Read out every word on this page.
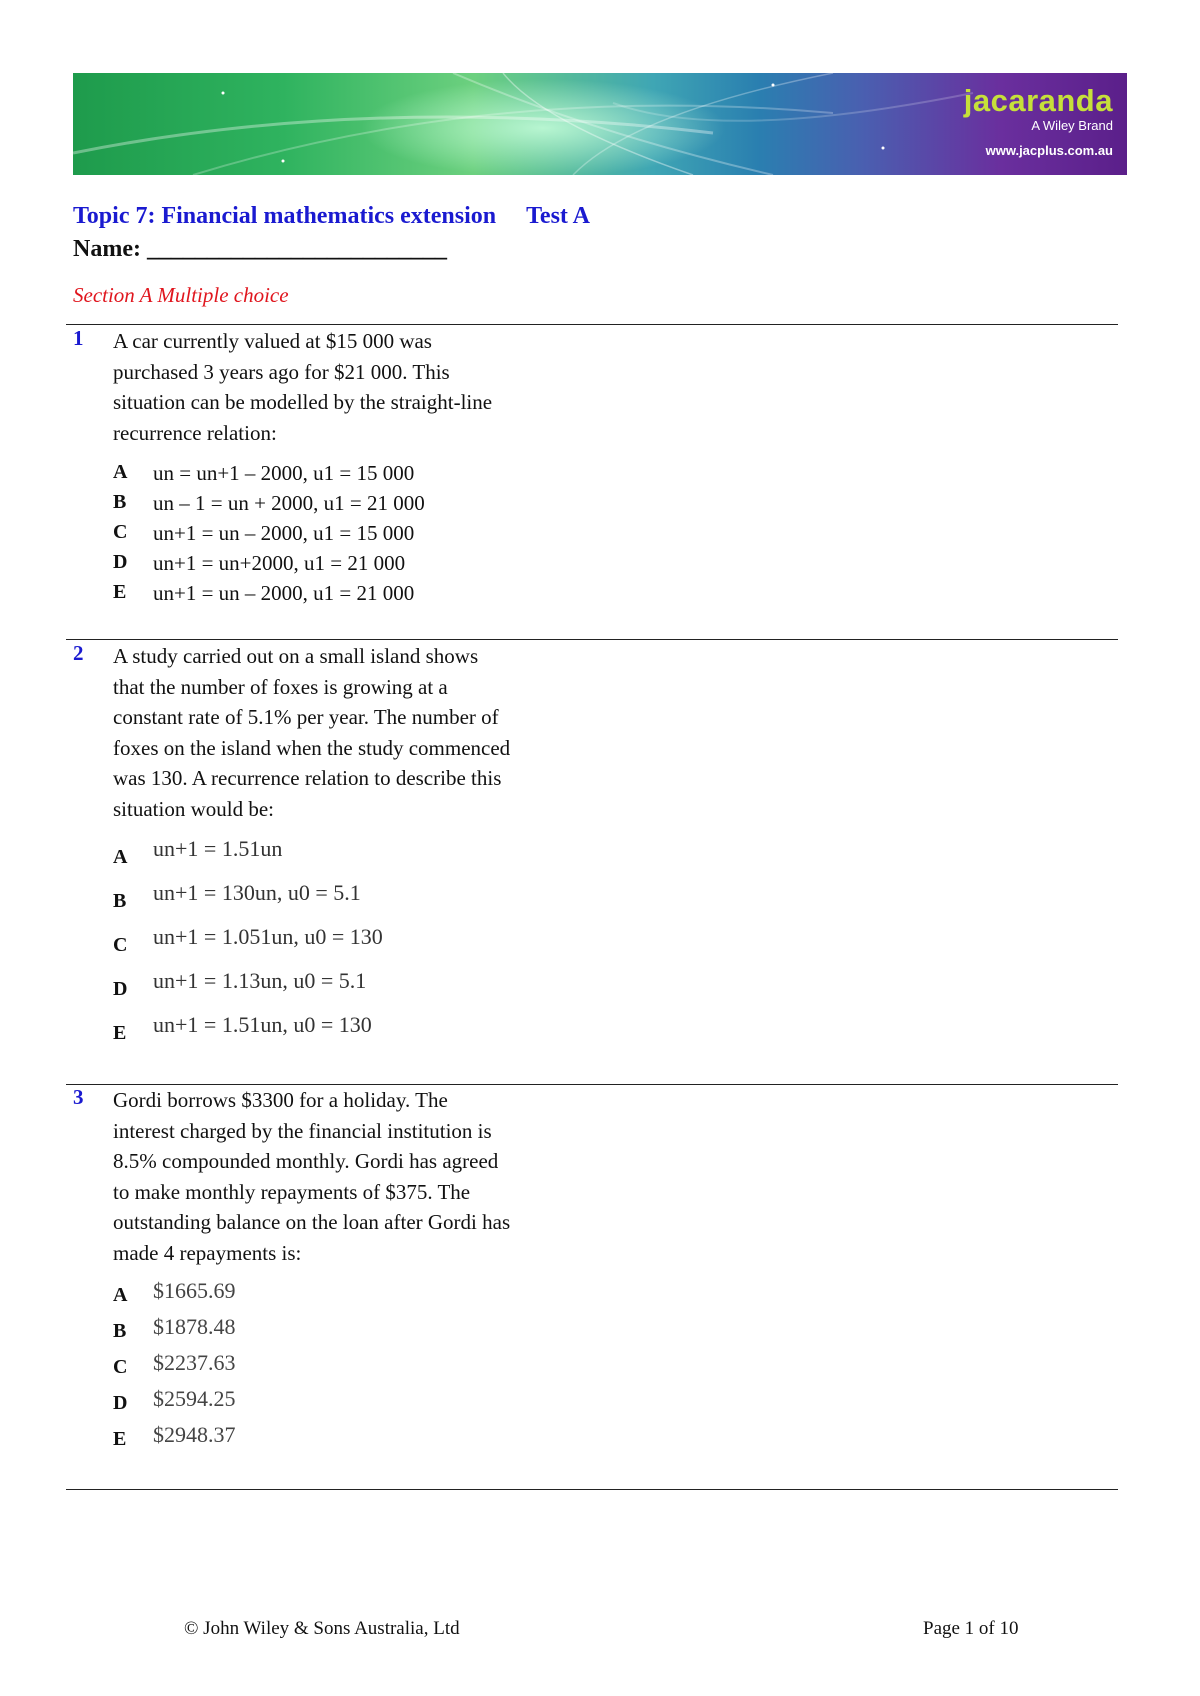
jacaranda
A Wiley Brand
www.jacplus.com.au
Topic 7: Financial mathematics extension Test A
Name: _________________________
Section A Multiple choice
1 A car currently valued at $15 000 was
purchased 3 years ago for $21 000. This
situation can be modelled by the straight-line
recurrence relation:
A un = un+1 – 2000, u1 = 15 000
B un – 1 = un + 2000, u1 = 21 000
C un+1 = un – 2000, u1 = 15 000
D un+1 = un+2000, u1 = 21 000
E un+1 = un – 2000, u1 = 21 000
2 A study carried out on a small island shows
that the number of foxes is growing at a
constant rate of 5.1% per year. The number of
foxes on the island when the study commenced
was 130. A recurrence relation to describe this
situation would be:
A un+1 = 1.51un
B un+1 = 130un, u0 = 5.1
C un+1 = 1.051un, u0 = 130
D un+1 = 1.13un, u0 = 5.1
E un+1 = 1.51un, u0 = 130
3 Gordi borrows $3300 for a holiday. The
interest charged by the financial institution is
8.5% compounded monthly. Gordi has agreed
to make monthly repayments of $375. The
outstanding balance on the loan after Gordi has
made 4 repayments is:
A $1665.69
B $1878.48
C $2237.63
D $2594.25
E $2948.37
© John Wiley & Sons Australia, Ltd	Page 1 of 10
